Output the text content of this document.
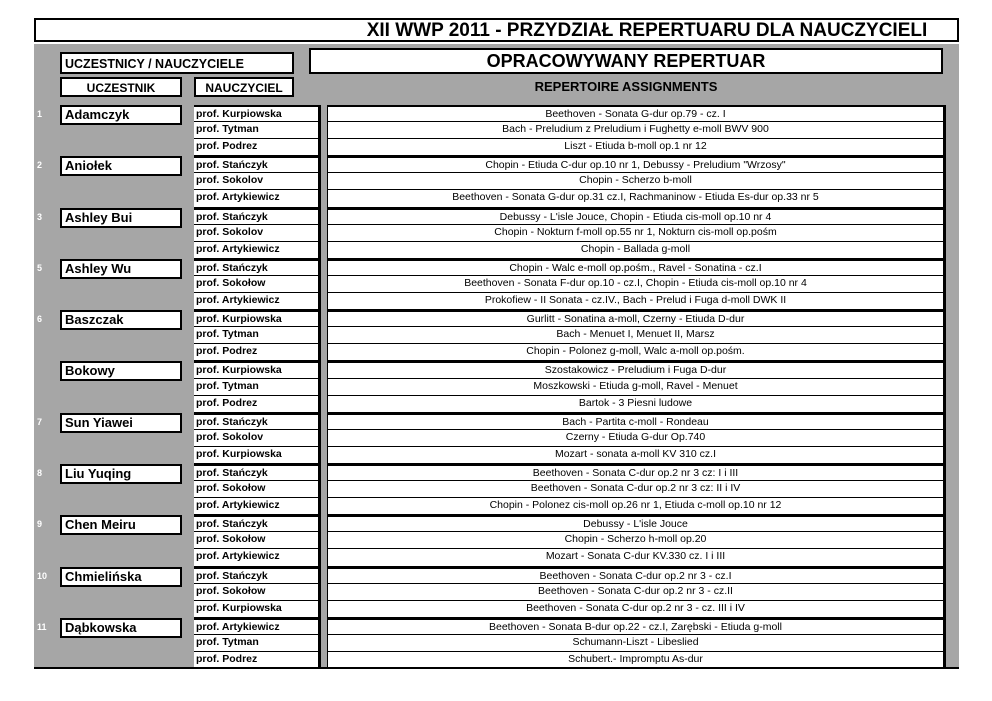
XII WWP 2011 - PRZYDZIAŁ REPERTUARU DLA NAUCZYCIELI
UCZESTNICY / NAUCZYCIELE	OPRACOWYWANY REPERTUAR
UCZESTNIK	NAUCZYCIEL	REPERTOIRE ASSIGNMENTS
1	Adamczyk	prof. Kurpiowska	Beethoven - Sonata G-dur op.79 - cz. I
prof. Tytman	Bach - Preludium z Preludium i Fughetty e-moll BWV 900
prof. Podrez	Liszt - Etiuda b-moll op.1 nr 12
2	Aniołek	prof. Stańczyk	Chopin - Etiuda C-dur op.10 nr 1, Debussy - Preludium "Wrzosy"
prof. Sokolov	Chopin - Scherzo b-moll
prof. Artykiewicz	Beethoven - Sonata G-dur op.31 cz.I, Rachmaninow - Etiuda Es-dur op.33 nr 5
3	Ashley Bui	prof. Stańczyk	Debussy - L'isle Jouce, Chopin - Etiuda cis-moll op.10 nr 4
prof. Sokolov	Chopin - Nokturn f-moll op.55 nr 1, Nokturn cis-moll op.pośm
prof. Artykiewicz	Chopin - Ballada g-moll
5	Ashley Wu	prof. Stańczyk	Chopin - Walc e-moll op.pośm., Ravel - Sonatina - cz.I
prof. Sokołow	Beethoven - Sonata F-dur op.10 - cz.I, Chopin - Etiuda cis-moll op.10 nr 4
prof. Artykiewicz	Prokofiew - II Sonata - cz.IV., Bach - Prelud i Fuga d-moll DWK II
6	Baszczak	prof. Kurpiowska	Gurlitt - Sonatina a-moll, Czerny - Etiuda D-dur
prof. Tytman	Bach - Menuet I, Menuet II, Marsz
prof. Podrez	Chopin - Polonez g-moll, Walc a-moll op.pośm.
Bokowy	prof. Kurpiowska	Szostakowicz - Preludium i Fuga D-dur
prof. Tytman	Moszkowski - Etiuda g-moll, Ravel - Menuet
prof. Podrez	Bartok - 3 Piesni ludowe
7	Sun Yiawei	prof. Stańczyk	Bach - Partita c-moll - Rondeau
prof. Sokolov	Czerny - Etiuda G-dur Op.740
prof. Kurpiowska	Mozart - sonata a-moll KV 310 cz.I
8	Liu Yuqing	prof. Stańczyk	Beethoven - Sonata C-dur op.2 nr 3 cz: I i III
prof. Sokołow	Beethoven - Sonata C-dur op.2 nr 3 cz: II i IV
prof. Artykiewicz	Chopin - Polonez cis-moll op.26 nr 1, Etiuda c-moll op.10 nr 12
9	Chen Meiru	prof. Stańczyk	Debussy - L'isle Jouce
prof. Sokołow	Chopin - Scherzo h-moll op.20
prof. Artykiewicz	Mozart - Sonata C-dur KV.330 cz. I i III
10	Chmielińska	prof. Stańczyk	Beethoven - Sonata C-dur op.2 nr 3 - cz.I
prof. Sokołow	Beethoven - Sonata C-dur op.2 nr 3 - cz.II
prof. Kurpiowska	Beethoven - Sonata C-dur op.2 nr 3 - cz. III i IV
11	Dąbkowska	prof. Artykiewicz	Beethoven - Sonata B-dur op.22 - cz.I, Zarębski - Etiuda g-moll
prof. Tytman	Schumann-Liszt - Libeslied
prof. Podrez	Schubert.- Impromptu As-dur
